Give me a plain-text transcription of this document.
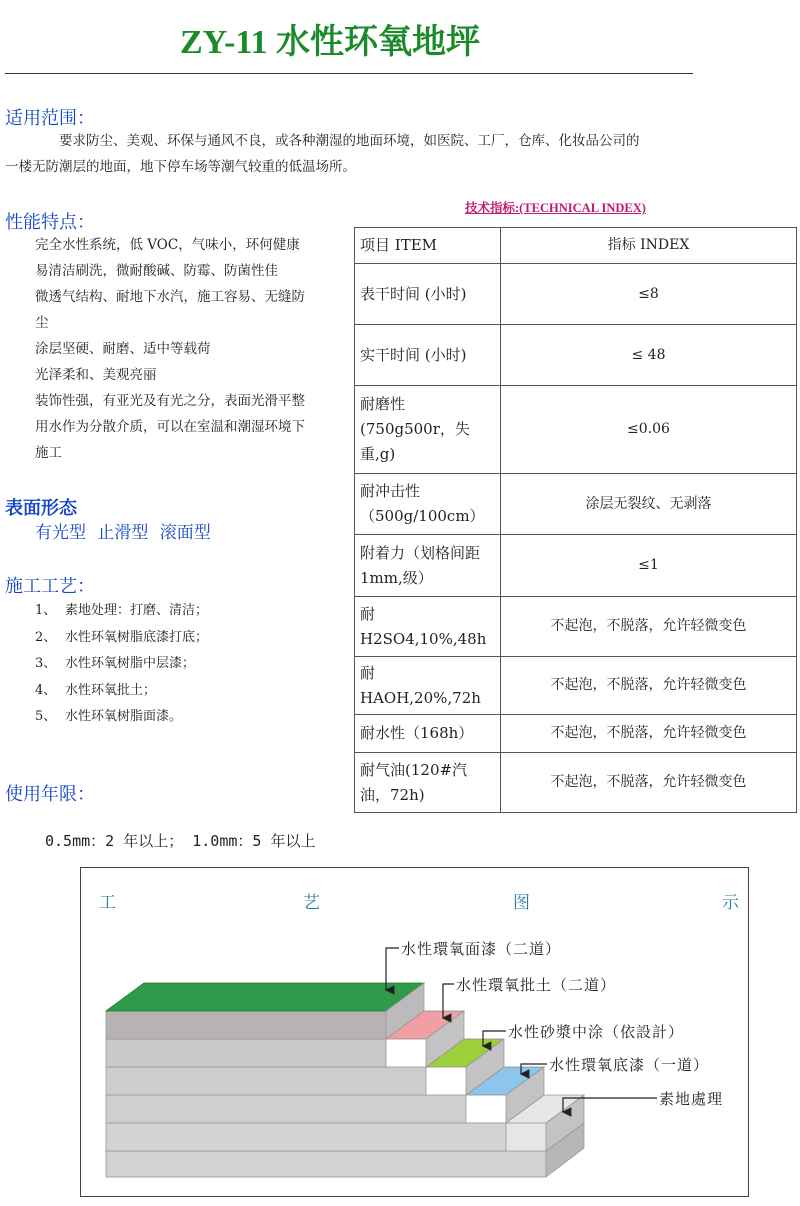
ZY-11 水性环氧地坪
适用范围：
要求防尘、美观、环保与通风不良，或各种潮湿的地面环境，如医院、工厂，仓库、化妆品公司的
一楼无防潮层的地面，地下停车场等潮气较重的低温场所。
性能特点：
完全水性系统，低 VOC，气味小，环何健康
易清洁刷洗，微耐酸碱、防霉、防菌性佳
微透气结构、耐地下水汽，施工容易、无缝防
尘
涂层坚硬、耐磨、适中等载荷
光泽柔和、美观亮丽
装饰性强，有亚光及有光之分，表面光滑平整
用水作为分散介质，可以在室温和潮湿环境下
施工
表面形态
有光型 止滑型 滚面型
施工工艺：
1、 素地处理：打磨、清洁；
2、 水性环氧树脂底漆打底；
3、 水性环氧树脂中层漆；
4、 水性环氧批土；
5、 水性环氧树脂面漆。
使用年限：
0.5mm：2 年以上； 1.0mm：5 年以上
技术指标:(TECHNICAL INDEX)
项目 ITEM	指标 INDEX
表干时间 (小时)	≤8
实干时间 (小时)	≤ 48
耐磨性 (750g500r，失重,g)	≤0.06
耐冲击性 （500g/100cm）	涂层无裂纹、无剥落
附着力（划格间距 1mm,级）	≤1
耐 H2SO4,10%,48h	不起泡，不脱落，允许轻微变色
耐 HAOH,20%,72h	不起泡，不脱落，允许轻微变色
耐水性（168h）	不起泡，不脱落，允许轻微变色
耐气油(120#汽油，72h)	不起泡，不脱落，允许轻微变色
工	艺	图	示
水性環氧面漆（二道）
水性環氧批土（二道）
水性砂漿中涂（依設計）
水性環氧底漆（一道）
素地處理
